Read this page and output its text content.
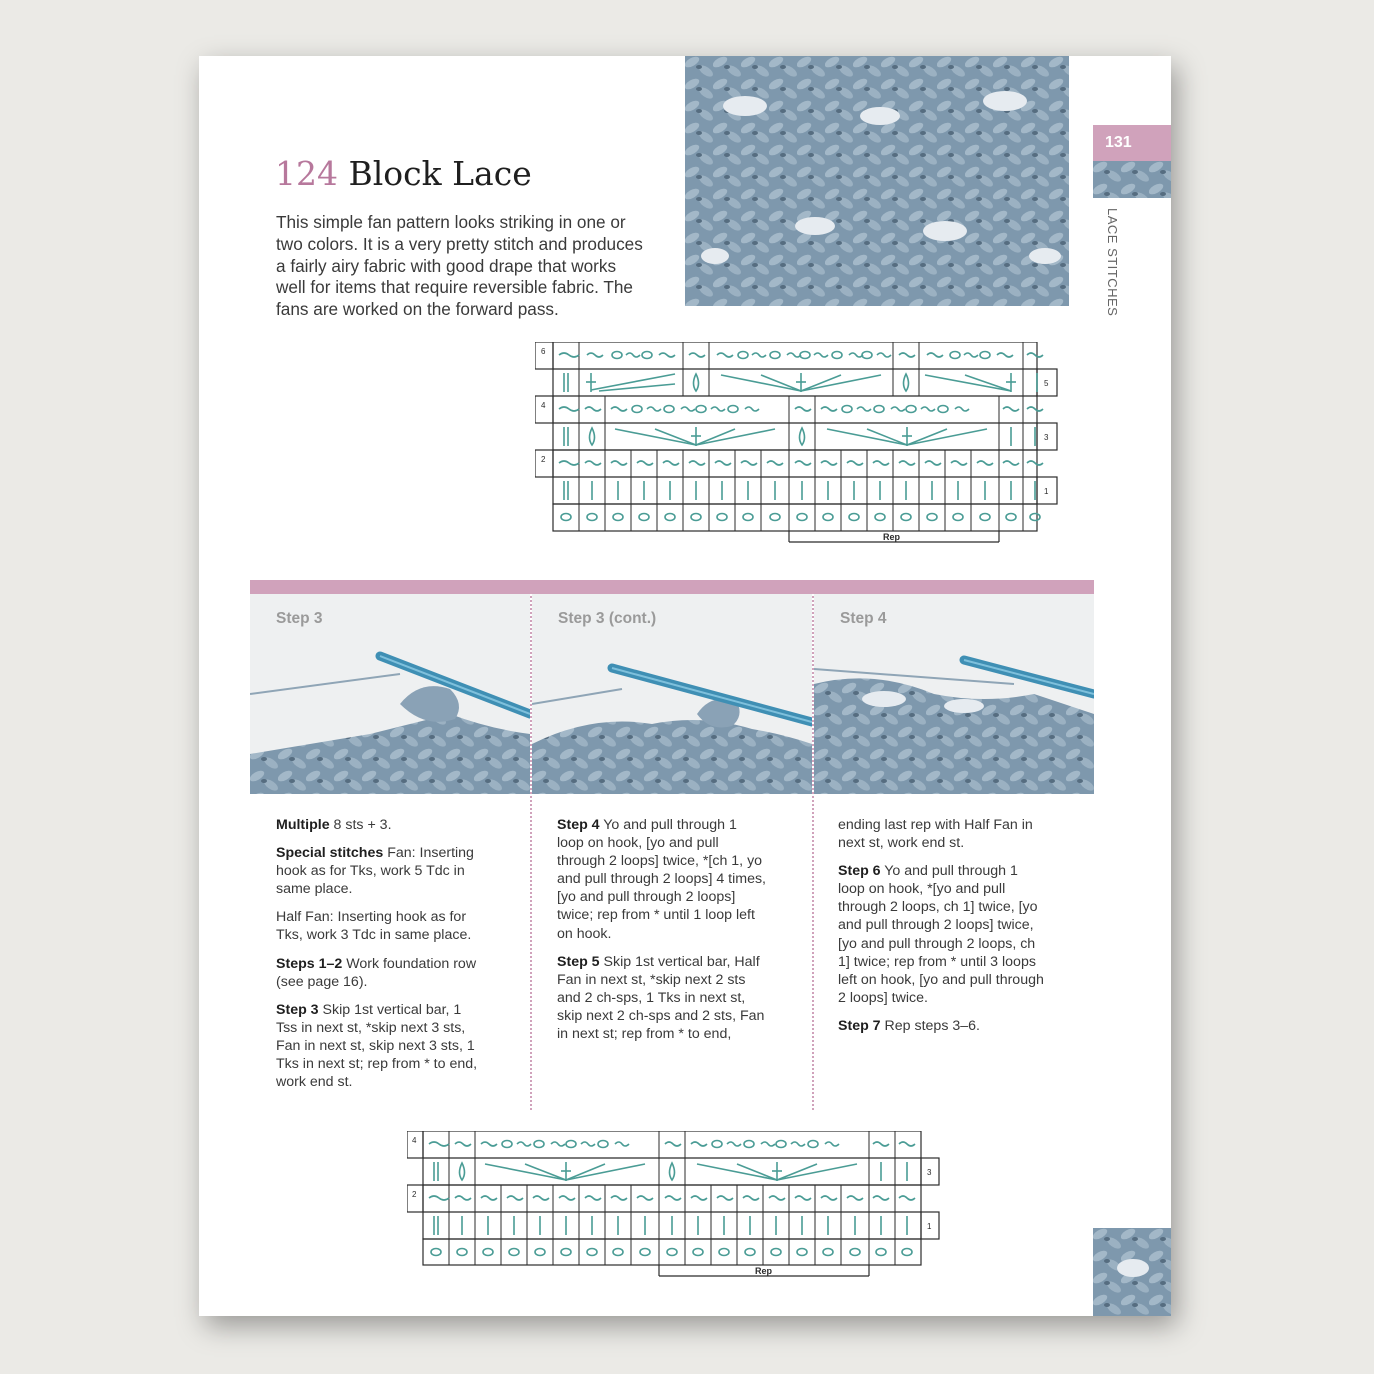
124 Block Lace
This simple fan pattern looks striking in one or two colors. It is a very pretty stitch and produces a fairly airy fabric with good drape that works well for items that require reversible fabric. The fans are worked on the forward pass.
131
LACE STITCHES
6
5
4
3
2
1
Rep
Step 3	Step 3 (cont.)	Step 4

Multiple 8 sts + 3.

Special stitches Fan: Inserting hook as for Tks, work 5 Tdc in same place.

Half Fan: Inserting hook as for Tks, work 3 Tdc in same place.

Steps 1–2 Work foundation row (see page 16).

Step 3 Skip 1st vertical bar, 1 Tss in next st, *skip next 3 sts, Fan in next st, skip next 3 sts, 1 Tks in next st; rep from * to end, work end st.

Step 4 Yo and pull through 1 loop on hook, [yo and pull through 2 loops] twice, *[ch 1, yo and pull through 2 loops] 4 times, [yo and pull through 2 loops] twice; rep from * until 1 loop left on hook.

Step 5 Skip 1st vertical bar, Half Fan in next st, *skip next 2 sts and 2 ch-sps, 1 Tks in next st, skip next 2 ch-sps and 2 sts, Fan in next st; rep from * to end,

ending last rep with Half Fan in next st, work end st.

Step 6 Yo and pull through 1 loop on hook, *[yo and pull through 2 loops, ch 1] twice, [yo and pull through 2 loops] twice, [yo and pull through 2 loops, ch 1] twice; rep from * until 3 loops left on hook, [yo and pull through 2 loops] twice.

Step 7 Rep steps 3–6.

4
3
2
1
Rep
